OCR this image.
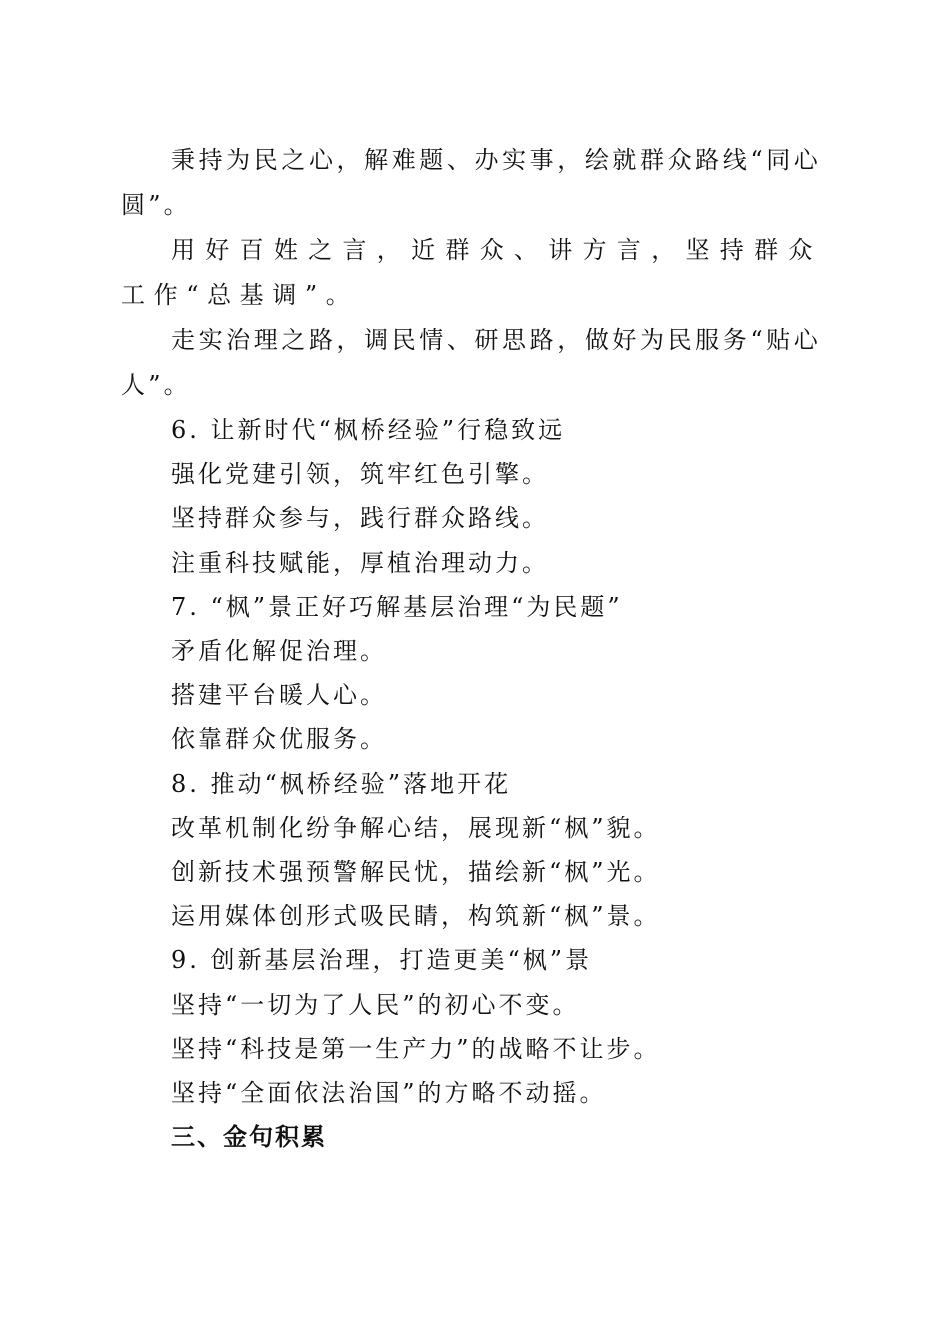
秉持为民之心，解难题、办实事，绘就群众路线“同心圆”。

用好百姓之言，近群众、讲方言，坚持群众工作“总基调”。

走实治理之路，调民情、研思路，做好为民服务“贴心人”。

6. 让新时代“枫桥经验”行稳致远

强化党建引领，筑牢红色引擎。

坚持群众参与，践行群众路线。

注重科技赋能，厚植治理动力。

7. “枫”景正好巧解基层治理“为民题”

矛盾化解促治理。

搭建平台暖人心。

依靠群众优服务。

8. 推动“枫桥经验”落地开花

改革机制化纷争解心结，展现新“枫”貌。

创新技术强预警解民忧，描绘新“枫”光。

运用媒体创形式吸民睛，构筑新“枫”景。

9. 创新基层治理，打造更美“枫”景

坚持“一切为了人民”的初心不变。

坚持“科技是第一生产力”的战略不让步。

坚持“全面依法治国”的方略不动摇。

三、金句积累
